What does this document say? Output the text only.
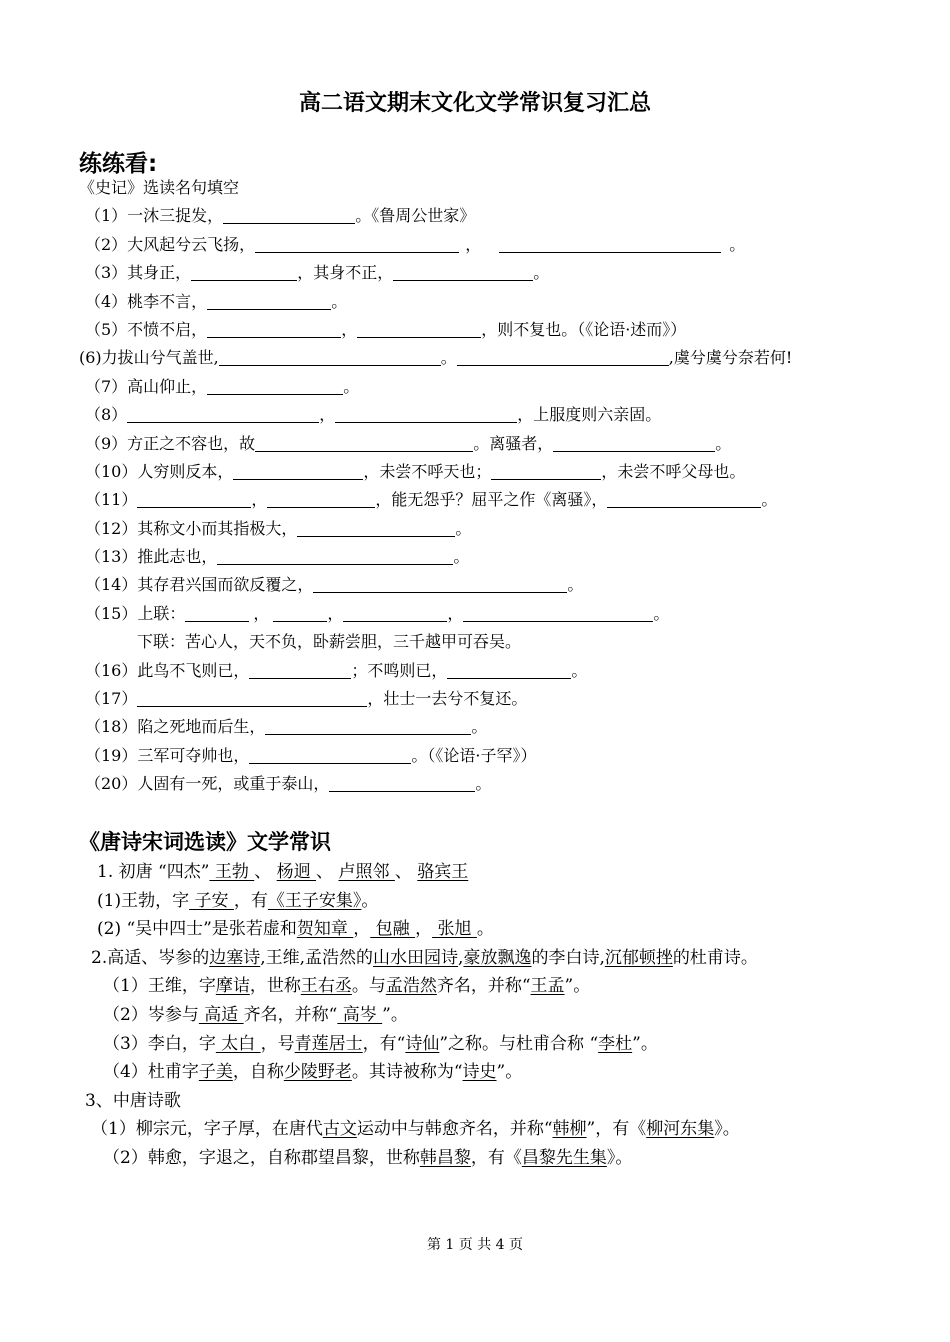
高二语文期末文化文学常识复习汇总
练练看:
《史记》选读名句填空
（1）一沐三捉发，	。《鲁周公世家》
（2）大风起兮云飞扬，	，	。
（3）其身正，	，其身不正，	。
（4）桃李不言，	。
（5）不愤不启，	，	，则不复也。（《论语·述而》）
(6)力拔山兮气盖世,	。	,虞兮虞兮奈若何!
（7）高山仰止，	。
（8）	，	，上服度则六亲固。
（9）方正之不容也，故	。离骚者，	。
（10）人穷则反本，	，未尝不呼天也；	，未尝不呼父母也。
（11）	，	，能无怨乎？屈平之作《离骚》，	。
（12）其称文小而其指极大，	。
（13）推此志也，	。
（14）其存君兴国而欲反覆之，	。
（15）上联：	，	，	，	。
下联：苦心人，天不负，卧薪尝胆，三千越甲可吞吴。
（16）此鸟不飞则已，	；不鸣则已，	。
（17）	，壮士一去兮不复还。
（18）陷之死地而后生，	。
（19）三军可夺帅也，	。（《论语·子罕》）
（20）人固有一死，或重于泰山，	。
《唐诗宋词选读》文学常识
1. 初唐 “四杰” 王勃 、 杨迥 、 卢照邻 、 骆宾王
(1)王勃，字 子安 ，有《王子安集》。
(2) “吴中四士”是张若虚和贺知章 ， 包融 ， 张旭 。
2.高适、岑参的边塞诗,王维,孟浩然的山水田园诗,豪放飘逸的李白诗,沉郁顿挫的杜甫诗。
（1）王维，字摩诘，世称王右丞。与孟浩然齐名，并称“王孟”。
（2）岑参与 高适 齐名，并称“ 高岑 ”。
（3）李白，字 太白 ，号青莲居士，有“诗仙”之称。与杜甫合称 “李杜”。
（4）杜甫字子美，自称少陵野老。其诗被称为“诗史”。
3、中唐诗歌
（1）柳宗元，字子厚，在唐代古文运动中与韩愈齐名，并称“韩柳”，有《柳河东集》。
（2）韩愈，字退之，自称郡望昌黎，世称韩昌黎，有《昌黎先生集》。
第 1 页 共 4 页
